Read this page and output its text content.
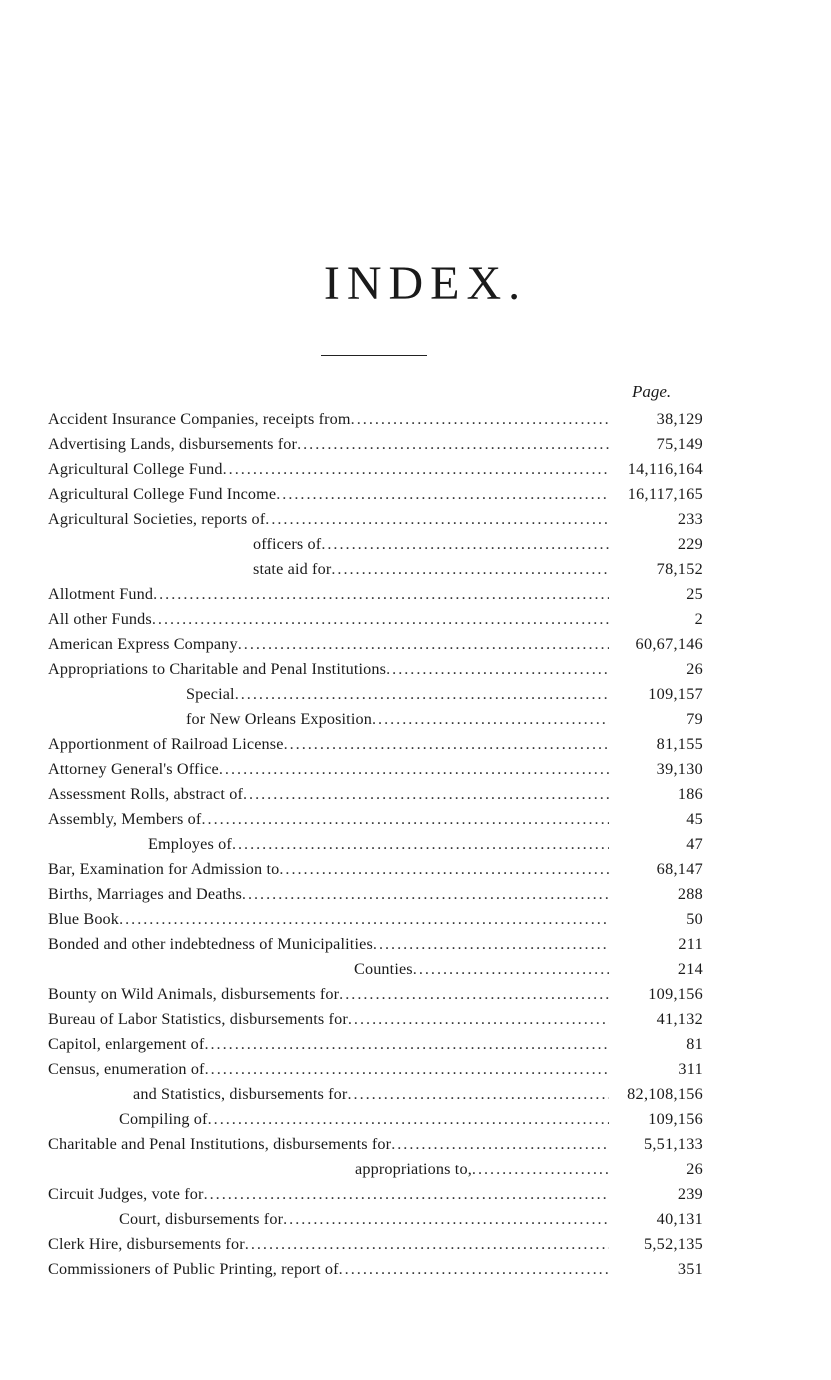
INDEX.
Page.
Accident Insurance Companies, receipts from .....	38,129
Advertising Lands, disbursements for .....	75,149
Agricultural College Fund .....	14,116,164
Agricultural College Fund Income .....	16,117,165
Agricultural Societies, reports of .....	233
officers of .....	229
state aid for .....	78,152
Allotment Fund .....	25
All other Funds .....	2
American Express Company .....	60,67,146
Appropriations to Charitable and Penal Institutions .....	26
Special .....	109,157
for New Orleans Exposition .....	79
Apportionment of Railroad License .....	81,155
Attorney General's Office .....	39,130
Assessment Rolls, abstract of .....	186
Assembly, Members of .....	45
Employes of .....	47
Bar, Examination for Admission to .....	68,147
Births, Marriages and Deaths .....	288
Blue Book .....	50
Bonded and other indebtedness of Municipalities .....	211
Counties .....	214
Bounty on Wild Animals, disbursements for .....	109,156
Bureau of Labor Statistics, disbursements for .....	41,132
Capitol, enlargement of .....	81
Census, enumeration of .....	311
and Statistics, disbursements for .....	82,108,156
Compiling of .....	109,156
Charitable and Penal Institutions, disbursements for .....	5,51,133
appropriations to, .....	26
Circuit Judges, vote for .....	239
Court, disbursements for .....	40,131
Clerk Hire, disbursements for .....	5,52,135
Commissioners of Public Printing, report of .....	351
